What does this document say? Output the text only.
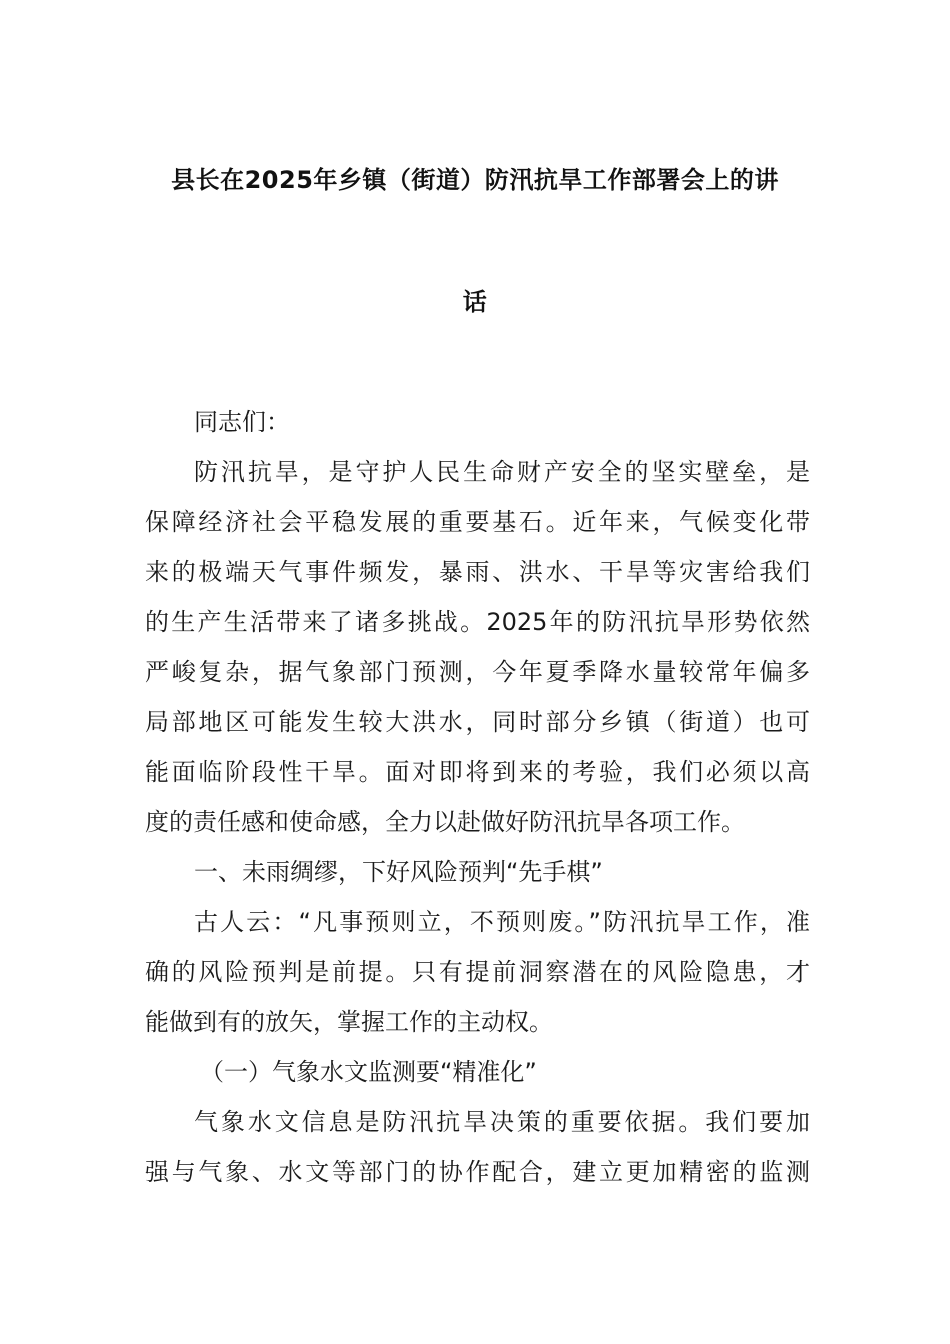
县长在2025年乡镇（街道）防汛抗旱工作部署会上的讲
话
同志们：
防汛抗旱，是守护人民生命财产安全的坚实壁垒，是
保障经济社会平稳发展的重要基石。近年来，气候变化带
来的极端天气事件频发，暴雨、洪水、干旱等灾害给我们
的生产生活带来了诸多挑战。2025年的防汛抗旱形势依然
严峻复杂，据气象部门预测，今年夏季降水量较常年偏多
局部地区可能发生较大洪水，同时部分乡镇（街道）也可
能面临阶段性干旱。面对即将到来的考验，我们必须以高
度的责任感和使命感，全力以赴做好防汛抗旱各项工作。
一、未雨绸缪，下好风险预判“先手棋”
古人云：“凡事预则立，不预则废。”防汛抗旱工作，准
确的风险预判是前提。只有提前洞察潜在的风险隐患，才
能做到有的放矢，掌握工作的主动权。
（一）气象水文监测要“精准化”
气象水文信息是防汛抗旱决策的重要依据。我们要加
强与气象、水文等部门的协作配合，建立更加精密的监测
